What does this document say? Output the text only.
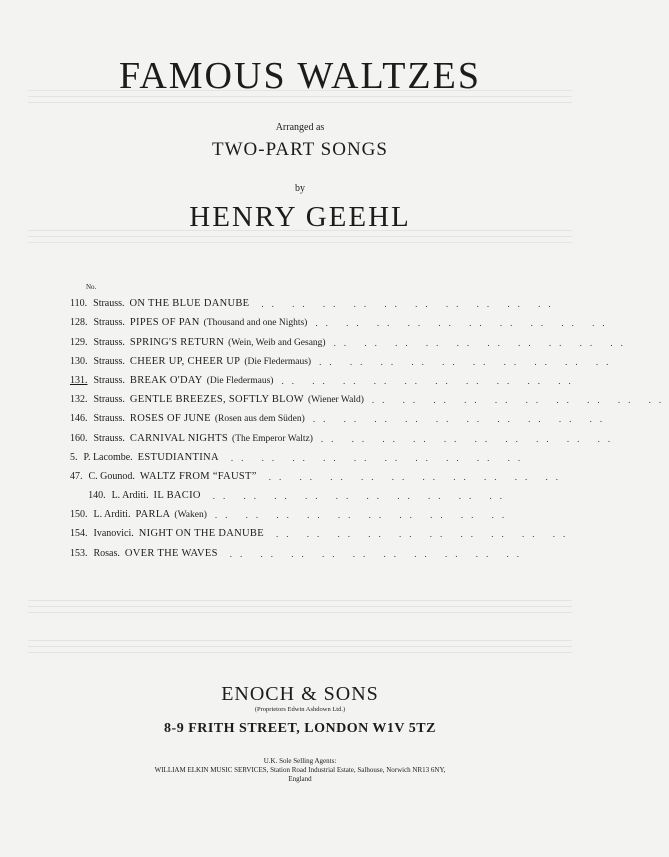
FAMOUS WALTZES
Arranged as
TWO-PART SONGS
by
HENRY GEEHL
No.
110. Strauss. ON THE BLUE DANUBE .. .. .. .. .. .. .. .. .. ..
128. Strauss. PIPES OF PAN (Thousand and one Nights) .. .. .. .. .. .. .. .. .. ..
129. Strauss. SPRING'S RETURN (Wein, Weib and Gesang) .. .. .. .. .. .. .. .. .. ..
130. Strauss. CHEER UP, CHEER UP (Die Fledermaus) .. .. .. .. .. .. .. .. .. ..
131. Strauss. BREAK O'DAY (Die Fledermaus) .. .. .. .. .. .. .. .. .. ..
132. Strauss. GENTLE BREEZES, SOFTLY BLOW (Wiener Wald) .. .. .. .. .. .. .. .. .. ..
146. Strauss. ROSES OF JUNE (Rosen aus dem Süden) .. .. .. .. .. .. .. .. .. ..
160. Strauss. CARNIVAL NIGHTS (The Emperor Waltz) .. .. .. .. .. .. .. .. .. ..
5. P. Lacombe. ESTUDIANTINA .. .. .. .. .. .. .. .. .. ..
47. C. Gounod. WALTZ FROM “FAUST” .. .. .. .. .. .. .. .. .. ..
140. L. Arditi. IL BACIO .. .. .. .. .. .. .. .. .. ..
150. L. Arditi. PARLA (Waken) .. .. .. .. .. .. .. .. .. ..
154. Ivanovici. NIGHT ON THE DANUBE .. .. .. .. .. .. .. .. .. ..
153. Rosas. OVER THE WAVES .. .. .. .. .. .. .. .. .. ..
ENOCH & SONS
(Proprietors Edwin Ashdown Ltd.)
8-9 FRITH STREET, LONDON W1V 5TZ
U.K. Sole Selling Agents:
WILLIAM ELKIN MUSIC SERVICES, Station Road Industrial Estate, Salhouse, Norwich NR13 6NY,
England
